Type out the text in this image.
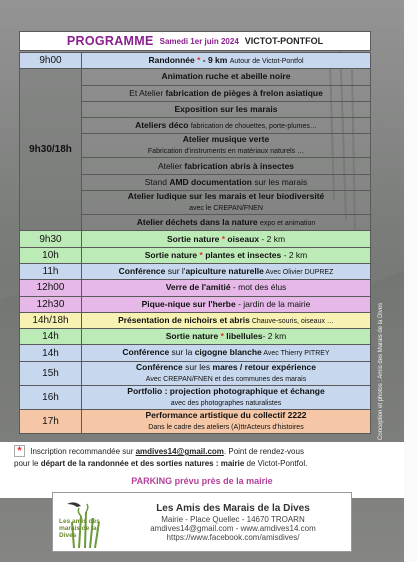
PROGRAMME Samedi 1er juin 2024 VICTOT-PONTFOL
9h00	Randonnée * - 9 km Autour de Victot-Pontfol

9h30/18h	Animation ruche et abeille noire

	Et Atelier fabrication de pièges à frelon asiatique

	Exposition sur les marais

	Ateliers déco fabrication de chouettes, porte-plumes…

	Atelier musique verte
Fabrication d'instruments en matériaux naturels …

	Atelier fabrication abris à insectes

	Stand AMD documentation sur les marais

	Atelier ludique sur les marais et leur biodiversité
avec le CREPAN/FNEN

	Atelier déchets dans la nature expo et animation

9h30	Sortie nature * oiseaux - 2 km

10h	Sortie nature * plantes et insectes - 2 km

11h	Conférence sur l'apiculture naturelle Avec Olivier DUPREZ

12h00	Verre de l'amitié - mot des élus

12h30	Pique-nique sur l'herbe - jardin de la mairie

14h/18h	Présentation de nichoirs et abris Chauve-souris, oiseaux …

14h	Sortie nature * libellules- 2 km

14h	Conférence sur la cigogne blanche Avec Thierry PITREY

15h	Conférence sur les mares / retour expérience
Avec CREPAN/FNEN et des communes des marais

16h	Portfolio : projection photographique et échange
avec des photographes naturalistes

17h	Performance artistique du collectif 2222
Dans le cadre des ateliers (A)ttrActeurs d'histoires	Conception et photos : Amis des Marais de la Dives
* Inscription recommandée sur amdives14@gmail.com. Point de rendez-vous
pour le départ de la randonnée et des sorties natures : mairie de Victot-Pontfol.
PARKING prévu près de la mairie
Les amis des marais de la Dives
Les Amis des Marais de la Dives
Mairie - Place Quellec - 14670 TROARN
amdives14@gmail.com - www.amdives14.com
https://www.facebook.com/amisdives/
